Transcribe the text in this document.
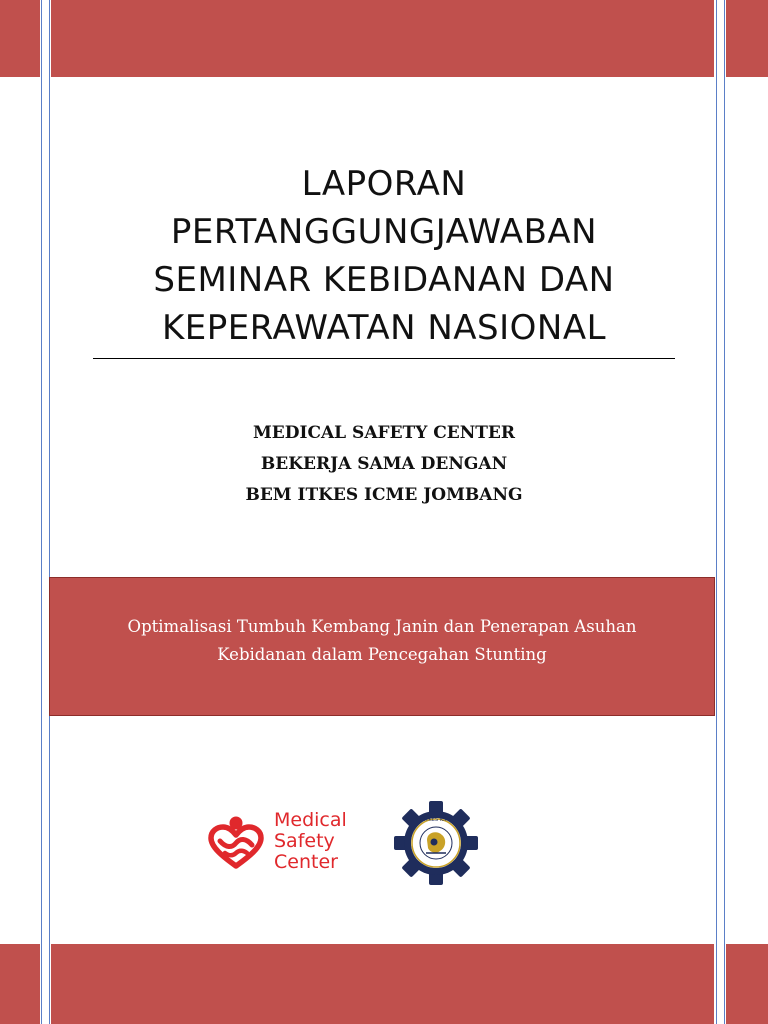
LAPORAN
PERTANGGUNGJAWABAN
SEMINAR KEBIDANAN DAN
KEPERAWATAN NASIONAL
MEDICAL SAFETY CENTER
BEKERJA SAMA DENGAN
BEM ITKES ICME JOMBANG

Optimalisasi Tumbuh Kembang Janin dan Penerapan Asuhan
Kebidanan dalam Pencegahan Stunting

Medical
Safety
Center
ITKES ICME
